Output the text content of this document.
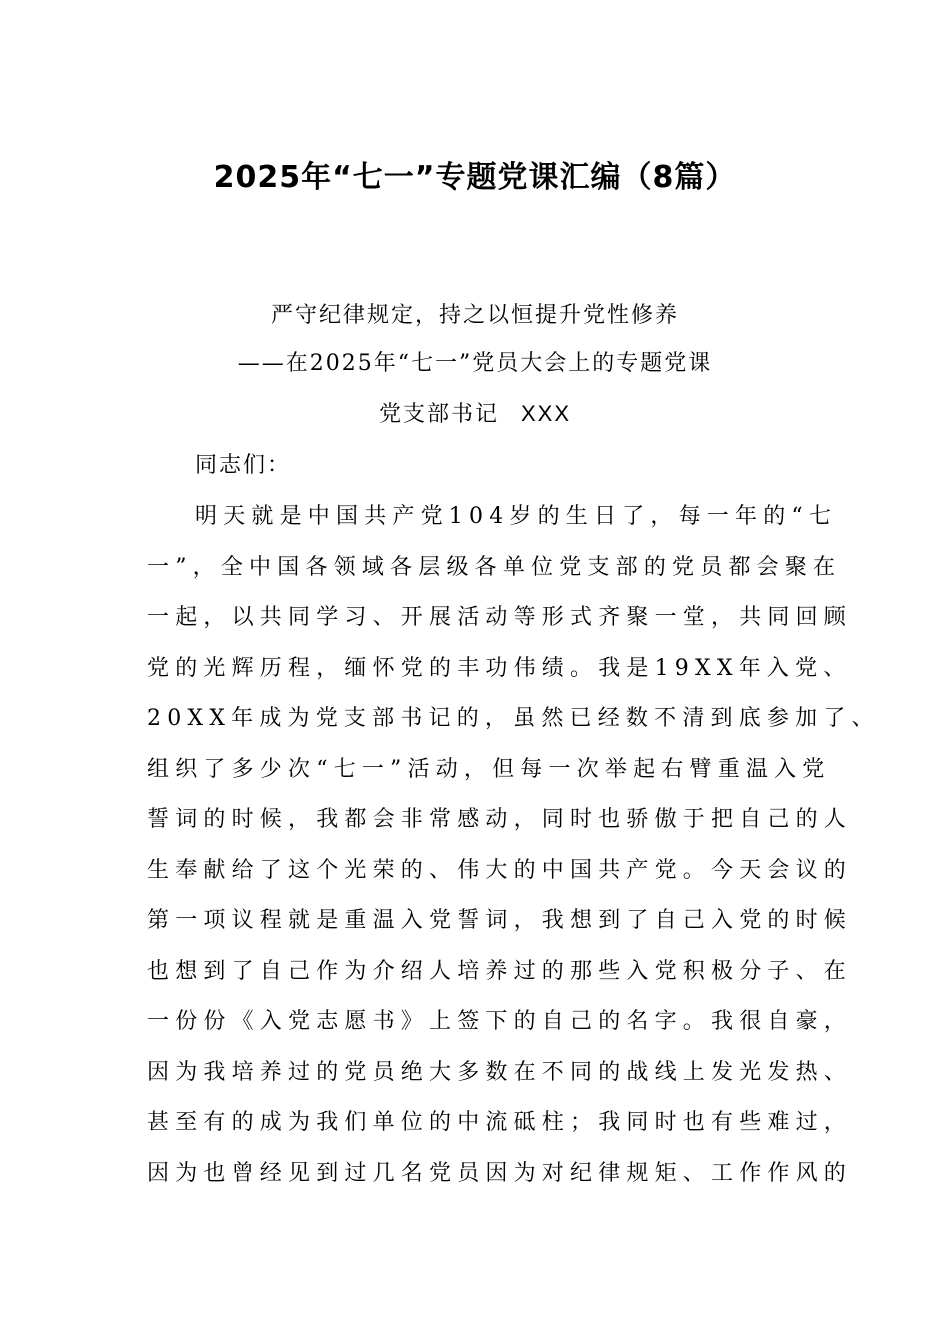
2025年“七一”专题党课汇编（8篇）
严守纪律规定，持之以恒提升党性修养
——在2025年“七一”党员大会上的专题党课
党支部书记 XXX
同志们：
明天就是中国共产党104岁的生日了，每一年的“七
一”，全中国各领域各层级各单位党支部的党员都会聚在
一起，以共同学习、开展活动等形式齐聚一堂，共同回顾
党的光辉历程，缅怀党的丰功伟绩。我是19XX年入党、
20XX年成为党支部书记的，虽然已经数不清到底参加了、
组织了多少次“七一”活动，但每一次举起右臂重温入党
誓词的时候，我都会非常感动，同时也骄傲于把自己的人
生奉献给了这个光荣的、伟大的中国共产党。今天会议的
第一项议程就是重温入党誓词，我想到了自己入党的时候
也想到了自己作为介绍人培养过的那些入党积极分子、在
一份份《入党志愿书》上签下的自己的名字。我很自豪，
因为我培养过的党员绝大多数在不同的战线上发光发热、
甚至有的成为我们单位的中流砥柱；我同时也有些难过，
因为也曾经见到过几名党员因为对纪律规矩、工作作风的
